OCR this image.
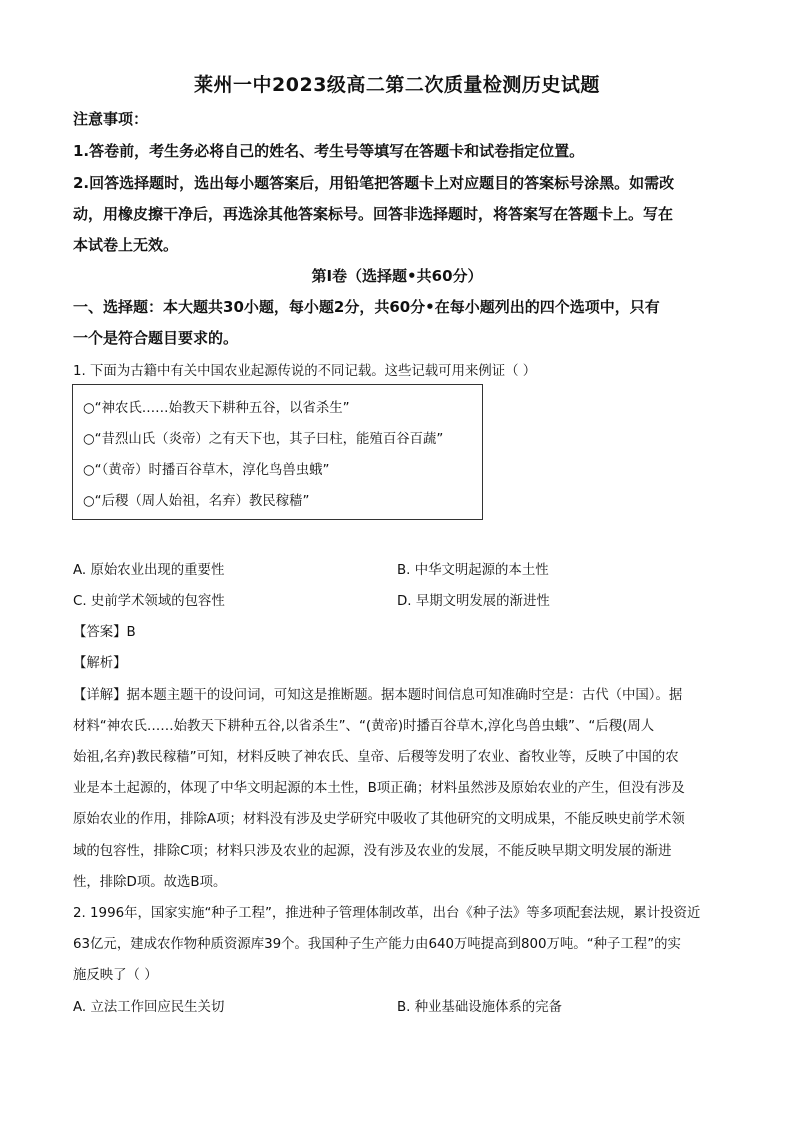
莱州一中2023级高二第二次质量检测历史试题
注意事项：
1.答卷前，考生务必将自己的姓名、考生号等填写在答题卡和试卷指定位置。
2.回答选择题时，选出每小题答案后，用铅笔把答题卡上对应题目的答案标号涂黑。如需改
动，用橡皮擦干净后，再选涂其他答案标号。回答非选择题时，将答案写在答题卡上。写在
本试卷上无效。
第Ⅰ卷（选择题•共60分）
一、选择题：本大题共30小题，每小题2分，共60分•在每小题列出的四个选项中，只有
一个是符合题目要求的。
1. 下面为古籍中有关中国农业起源传说的不同记载。这些记载可用来例证（ ）
○“神农氏……始教天下耕种五谷，以省杀生”
○“昔烈山氏（炎帝）之有天下也，其子曰柱，能殖百谷百蔬”
○“（黄帝）时播百谷草木，淳化鸟兽虫蛾”
○“后稷（周人始祖，名弃）教民稼穑”
A. 原始农业出现的重要性	B. 中华文明起源的本土性
C. 史前学术领域的包容性	D. 早期文明发展的渐进性
【答案】B
【解析】
【详解】据本题主题干的设问词，可知这是推断题。据本题时间信息可知准确时空是：古代（中国）。据
材料“神农氏……始教天下耕种五谷,以省杀生”、“(黄帝)时播百谷草木,淳化鸟兽虫蛾”、“后稷(周人
始祖,名弃)教民稼穑”可知，材料反映了神农氏、皇帝、后稷等发明了农业、畜牧业等，反映了中国的农
业是本土起源的，体现了中华文明起源的本土性，B项正确；材料虽然涉及原始农业的产生，但没有涉及
原始农业的作用，排除A项；材料没有涉及史学研究中吸收了其他研究的文明成果，不能反映史前学术领
域的包容性，排除C项；材料只涉及农业的起源，没有涉及农业的发展，不能反映早期文明发展的渐进
性，排除D项。故选B项。
2. 1996年，国家实施“种子工程”，推进种子管理体制改革，出台《种子法》等多项配套法规，累计投资近
63亿元，建成农作物种质资源库39个。我国种子生产能力由640万吨提高到800万吨。“种子工程”的实
施反映了（ ）
A. 立法工作回应民生关切	B. 种业基础设施体系的完备
